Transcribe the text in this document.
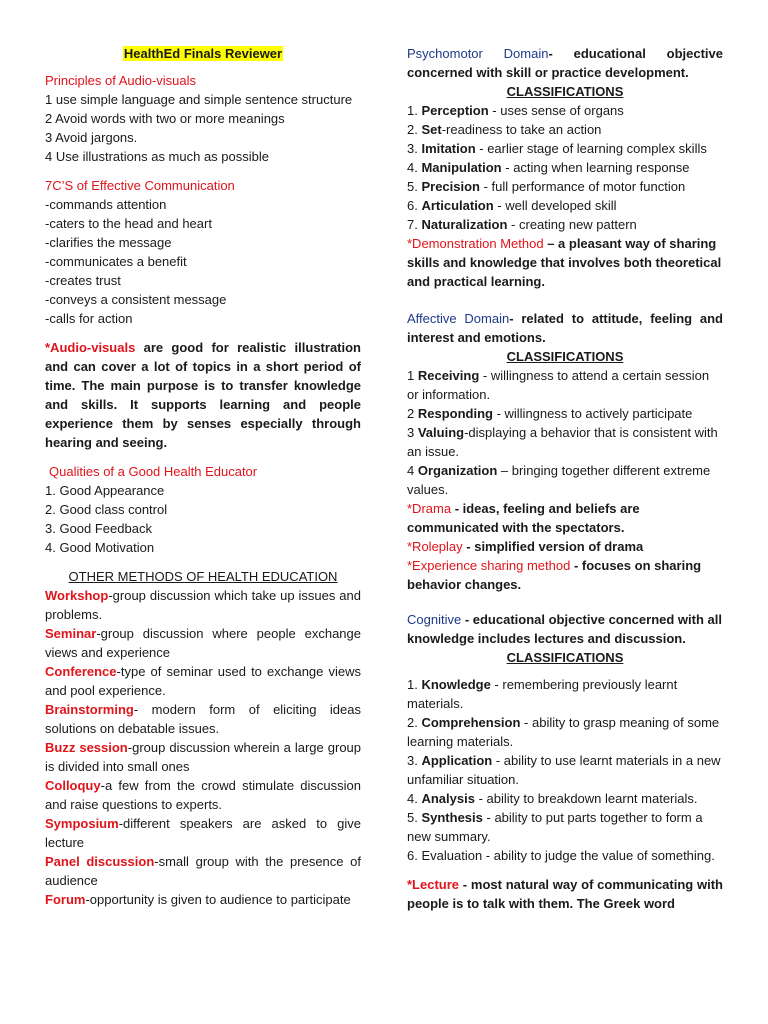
HealthEd Finals Reviewer

Principles of Audio-visuals

1 use simple language and simple sentence structure

2 Avoid words with two or more meanings

3 Avoid jargons.

4 Use illustrations as much as possible

7C’S of Effective Communication

-commands attention

-caters to the head and heart

-clarifies the message

-communicates a benefit

-creates trust

-conveys a consistent message

-calls for action

*Audio-visuals are good for realistic illustration and can cover a lot of topics in a short period of time. The main purpose is to transfer knowledge and skills. It supports learning and people experience them by senses especially through hearing and seeing.

Qualities of a Good Health Educator

1. Good Appearance

2. Good class control

3. Good Feedback

4. Good Motivation

OTHER METHODS OF HEALTH EDUCATION

Workshop-group discussion which take up issues and problems.

Seminar-group discussion where people exchange views and experience

Conference-type of seminar used to exchange views and pool experience.

Brainstorming- modern form of eliciting ideas solutions on debatable issues.

Buzz session-group discussion wherein a large group is divided into small ones

Colloquy-a few from the crowd stimulate discussion and raise questions to experts.

Symposium-different speakers are asked to give lecture

Panel discussion-small group with the presence of audience

Forum-opportunity is given to audience to participate

Psychomotor Domain- educational objective concerned with skill or practice development.

CLASSIFICATIONS

1. Perception - uses sense of organs

2. Set-readiness to take an action

3. Imitation - earlier stage of learning complex skills

4. Manipulation - acting when learning response

5. Precision - full performance of motor function

6. Articulation - well developed skill

7. Naturalization - creating new pattern

*Demonstration Method – a pleasant way of sharing skills and knowledge that involves both theoretical and practical learning.

Affective Domain- related to attitude, feeling and interest and emotions.

CLASSIFICATIONS

1 Receiving - willingness to attend a certain session or information.

2 Responding - willingness to actively participate

3 Valuing-displaying a behavior that is consistent with an issue.

4 Organization – bringing together different extreme values.

*Drama - ideas, feeling and beliefs are communicated with the spectators.

*Roleplay - simplified version of drama

*Experience sharing method - focuses on sharing behavior changes.

Cognitive - educational objective concerned with all knowledge includes lectures and discussion.

CLASSIFICATIONS

1. Knowledge - remembering previously learnt materials.

2. Comprehension - ability to grasp meaning of some learning materials.

3. Application - ability to use learnt materials in a new unfamiliar situation.

4. Analysis - ability to breakdown learnt materials.

5. Synthesis - ability to put parts together to form a new summary.

6. Evaluation - ability to judge the value of something.

*Lecture - most natural way of communicating with people is to talk with them. The Greek word
